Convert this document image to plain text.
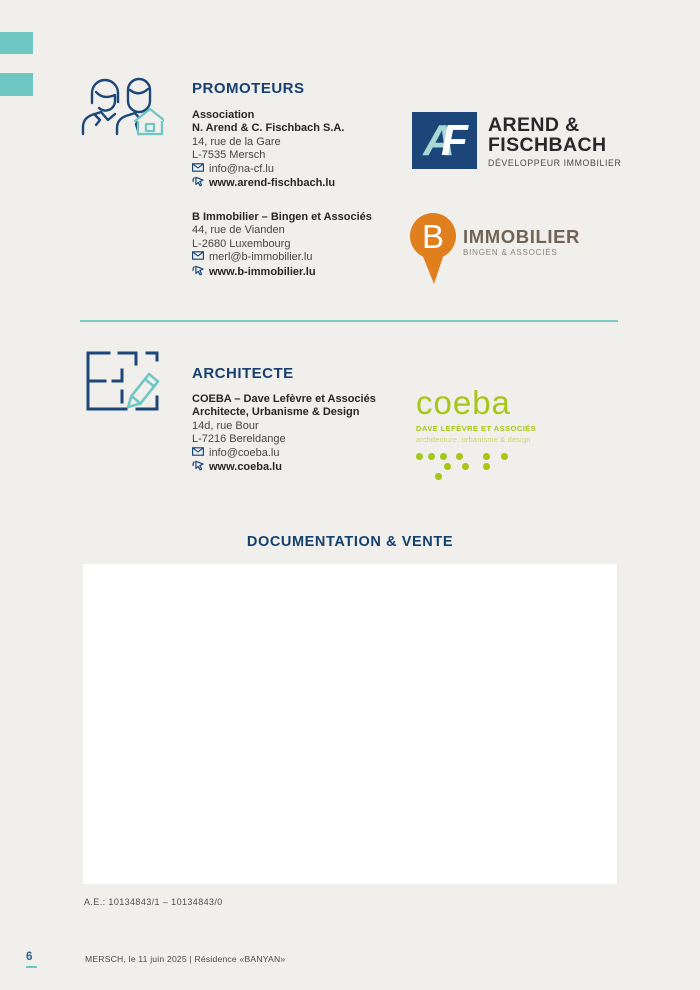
PROMOTEURS
Association
N. Arend & C. Fischbach S.A.
14, rue de la Gare
L-7535 Mersch
info@na-cf.lu
www.arend-fischbach.lu
A F AREND &
FISCHBACH
DÉVELOPPEUR IMMOBILIER
B Immobilier – Bingen et Associés
44, rue de Vianden
L-2680 Luxembourg
merl@b-immobilier.lu
www.b-immobilier.lu
B IMMOBILIER
BINGEN & ASSOCIÉS
ARCHITECTE
COEBA – Dave Lefèvre et Associés
Architecte, Urbanisme & Design
14d, rue Bour
L-7216 Bereldange
info@coeba.lu
www.coeba.lu
coeba
DAVE LEFÈVRE ET ASSOCIÉS
architecture, urbanisme & design
DOCUMENTATION & VENTE
A.E.: 10134843/1 – 10134843/0
6	MERSCH, le 11 juin 2025 | Résidence «BANYAN»
